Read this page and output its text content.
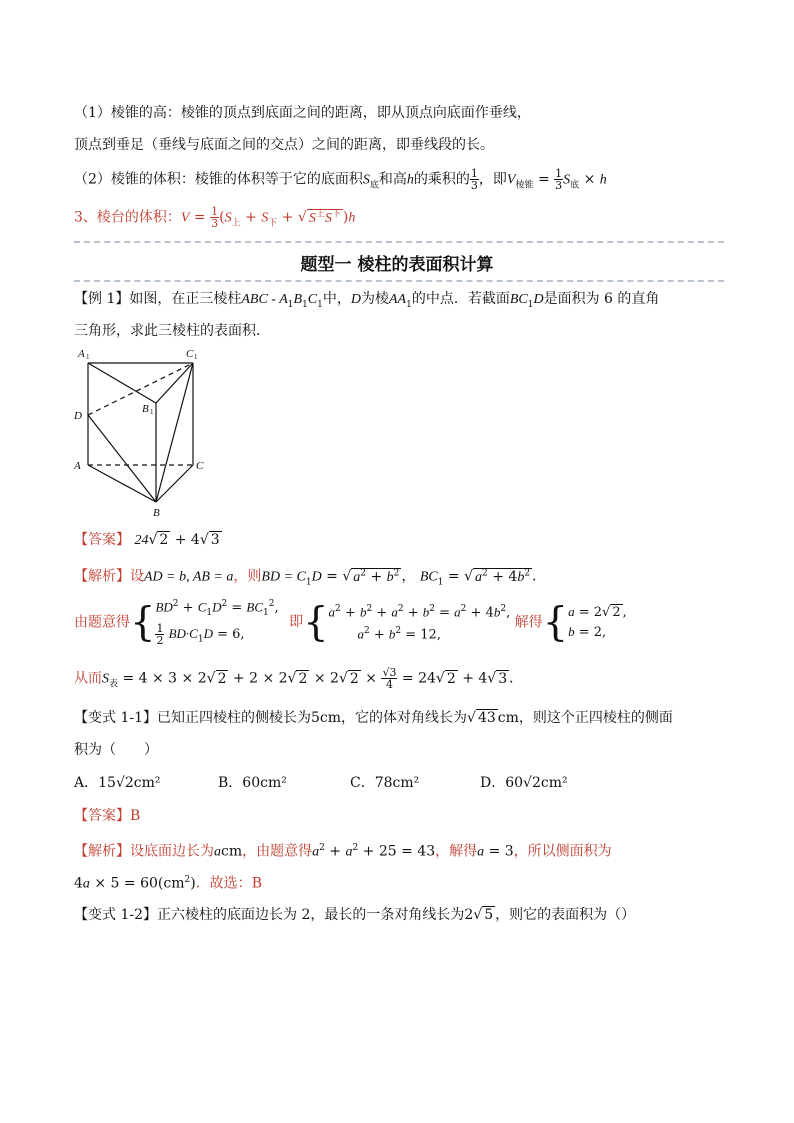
（1）棱锥的高：棱锥的顶点到底面之间的距离，即从顶点向底面作垂线，
顶点到垂足（垂线与底面之间的交点）之间的距离，即垂线段的长。
（2）棱锥的体积：棱锥的体积等于它的底面积$S_底$和高h的乘积的 $\frac{1}{3}$ ，即$V_{棱锥} = \frac{1}{3} S_底 \times h$
3、棱台的体积：$V = \frac{1}{3} (S_上 + S_下$ + √ $S^上S^下$ )h
题型一 棱柱的表面积计算
【例 1】如图，在正三棱柱ABC - $A_1B_1C_1$中，D为棱$AA_1$的中点．若截面$BC_1D$是面积为 6 的直角
三角形，求此三棱柱的表面积．
A 1	C 1
B 1
D
A	C
B
【答案】 24√ 2 + 4√ 3
【解析】设AD = b, AB = a，则BD = $C_1D$ = √ $a^2 + b^2$ ， $BC_1$ = √ $a^2 + 4b^2$ ．
由题意得{$BD^2 + C_1D^2 = BC_1^2$,

$\frac{1}{2} BD\cdot C_1D = 6$, 即{$a^2 + b^2 + a^2 + b^2 = a^2 + 4b^2$,
$a^2 + b^2 = 12$, 解得{a = 2√ 2 ,
b = 2,
从而$S_表 = 4 \times 3 \times 2√$ 2 + 2 × 2√ 2 × 2√ $2 \times \frac{√3}{4} = 24√$ 2 + 4√ 3 ．
【变式 1-1】已知正四棱柱的侧棱长为5cm，它的体对角线长为√ 43 cm，则这个正四棱柱的侧面
积为（　　）
A．15√2cm²	B．60cm²	C．78cm²	D．60√2cm²
【答案】B
【解析】设底面边长为acm，由题意得$a^2 + a^2 + 25 = 43$，解得a = 3，所以侧面积为
$4a \times 5 = 60(cm^2)$．故选：B
【变式 1-2】正六棱柱的底面边长为 2，最长的一条对角线长为2√ 5 ，则它的表面积为（）
